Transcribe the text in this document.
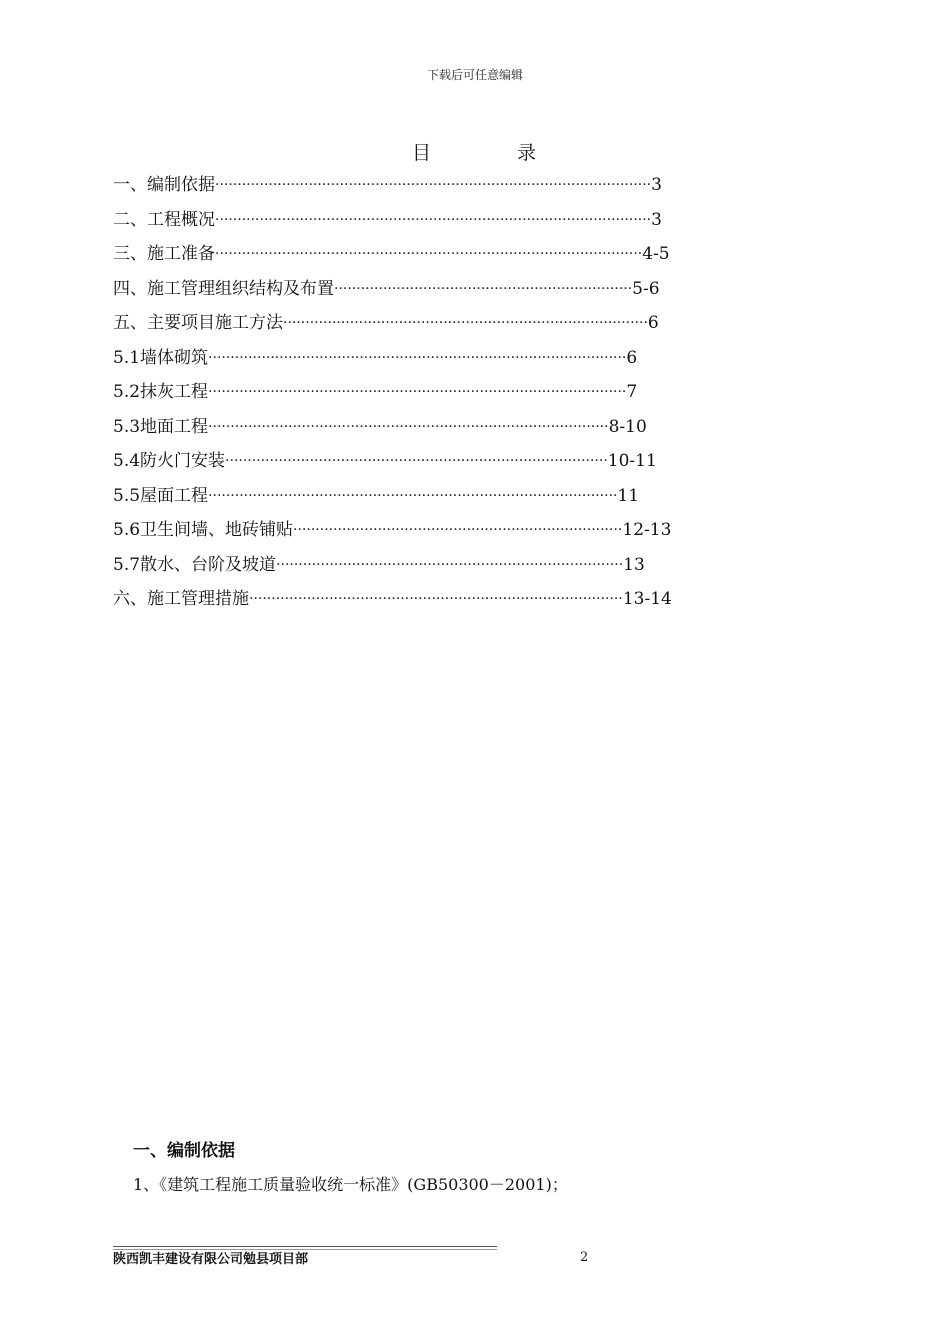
下载后可任意编辑
目	录
一、编制依据··································································································3
二、工程概况··································································································3
三、施工准备································································································4-5
四、施工管理组织结构及布置···································································5-6
五、主要项目施工方法··················································································6
5.1墙体砌筑······························································································6
5.2抹灰工程······························································································7
5.3地面工程··························································································8-10
5.4防火门安装······················································································10-11
5.5屋面工程····························································································11
5.6卫生间墙、地砖铺贴··········································································12-13
5.7散水、台阶及坡道··············································································13
六、施工管理措施····················································································13-14
一、编制依据
1、《建筑工程施工质量验收统一标准》(GB50300－2001)；
陕西凯丰建设有限公司勉县项目部	2
